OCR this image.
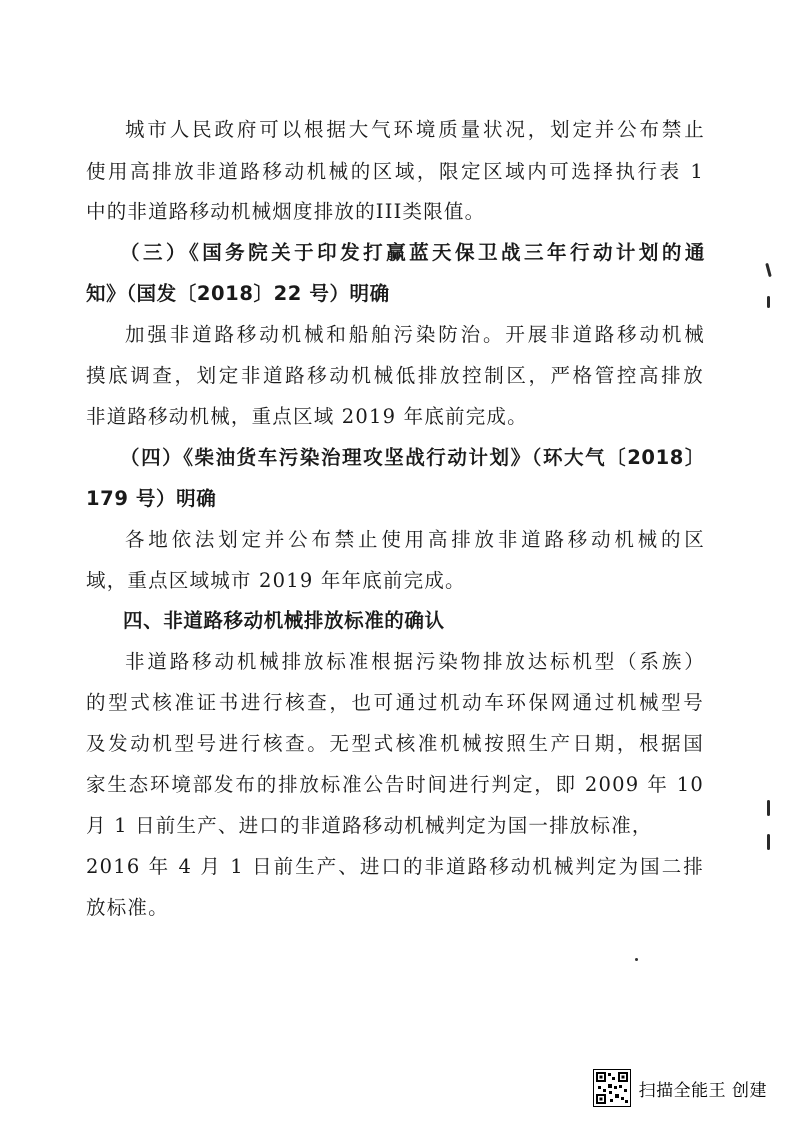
城市人民政府可以根据大气环境质量状况，划定并公布禁止
使用高排放非道路移动机械的区域，限定区域内可选择执行表 1
中的非道路移动机械烟度排放的III类限值。
（三）《国务院关于印发打赢蓝天保卫战三年行动计划的通
知》（国发〔2018〕22 号）明确
加强非道路移动机械和船舶污染防治。开展非道路移动机械
摸底调查，划定非道路移动机械低排放控制区，严格管控高排放
非道路移动机械，重点区域 2019 年底前完成。
（四）《柴油货车污染治理攻坚战行动计划》（环大气〔2018〕
179 号）明确
各地依法划定并公布禁止使用高排放非道路移动机械的区
域，重点区域城市 2019 年年底前完成。
四、非道路移动机械排放标准的确认
非道路移动机械排放标准根据污染物排放达标机型（系族）
的型式核准证书进行核查，也可通过机动车环保网通过机械型号
及发动机型号进行核查。无型式核准机械按照生产日期，根据国
家生态环境部发布的排放标准公告时间进行判定，即 2009 年 10
月 1 日前生产、进口的非道路移动机械判定为国一排放标准，
2016 年 4 月 1 日前生产、进口的非道路移动机械判定为国二排
放标准。
扫描全能王 创建
